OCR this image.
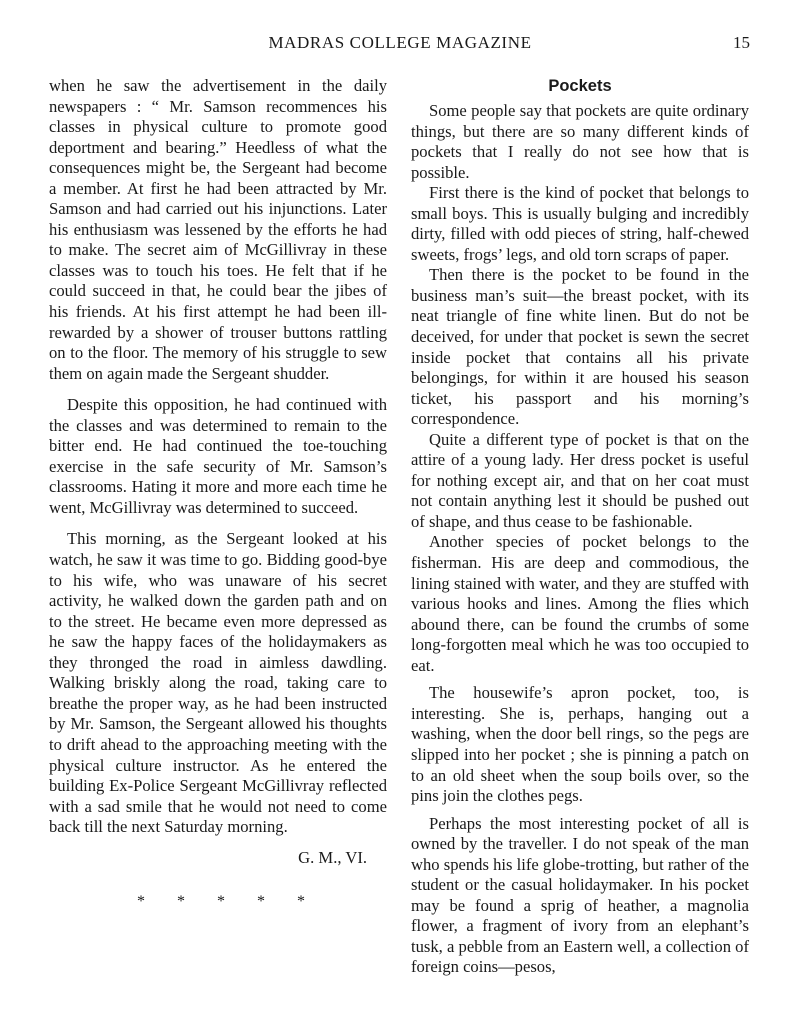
MADRAS COLLEGE MAGAZINE	15

when he saw the advertisement in the daily newspapers : “ Mr. Samson recommences his classes in physical culture to promote good deportment and bearing.” Heedless of what the consequences might be, the Sergeant had become a member. At first he had been attracted by Mr. Samson and had carried out his injunctions. Later his enthusiasm was lessened by the efforts he had to make. The secret aim of McGillivray in these classes was to touch his toes. He felt that if he could succeed in that, he could bear the jibes of his friends. At his first attempt he had been ill-rewarded by a shower of trouser buttons rattling on to the floor. The memory of his struggle to sew them on again made the Sergeant shudder.

Despite this opposition, he had continued with the classes and was determined to remain to the bitter end. He had continued the toe-touching exercise in the safe security of Mr. Samson’s classrooms. Hating it more and more each time he went, McGillivray was determined to succeed.

This morning, as the Sergeant looked at his watch, he saw it was time to go. Bidding good-bye to his wife, who was unaware of his secret activity, he walked down the garden path and on to the street. He became even more depressed as he saw the happy faces of the holidaymakers as they thronged the road in aimless dawdling. Walking briskly along the road, taking care to breathe the proper way, as he had been instructed by Mr. Samson, the Sergeant allowed his thoughts to drift ahead to the approaching meeting with the physical culture instructor. As he entered the building Ex-Police Sergeant McGillivray reflected with a sad smile that he would not need to come back till the next Saturday morning.

G. M., VI.
* * * * *
Pockets

Some people say that pockets are quite ordinary things, but there are so many different kinds of pockets that I really do not see how that is possible.

First there is the kind of pocket that belongs to small boys. This is usually bulging and incredibly dirty, filled with odd pieces of string, half-chewed sweets, frogs’ legs, and old torn scraps of paper.

Then there is the pocket to be found in the business man’s suit—the breast pocket, with its neat triangle of fine white linen. But do not be deceived, for under that pocket is sewn the secret inside pocket that contains all his private belongings, for within it are housed his season ticket, his passport and his morning’s correspondence.

Quite a different type of pocket is that on the attire of a young lady. Her dress pocket is useful for nothing except air, and that on her coat must not contain anything lest it should be pushed out of shape, and thus cease to be fashionable.

Another species of pocket belongs to the fisherman. His are deep and commodious, the lining stained with water, and they are stuffed with various hooks and lines. Among the flies which abound there, can be found the crumbs of some long-forgotten meal which he was too occupied to eat.

The housewife’s apron pocket, too, is interesting. She is, perhaps, hanging out a washing, when the door bell rings, so the pegs are slipped into her pocket ; she is pinning a patch on to an old sheet when the soup boils over, so the pins join the clothes pegs.

Perhaps the most interesting pocket of all is owned by the traveller. I do not speak of the man who spends his life globe-trotting, but rather of the student or the casual holidaymaker. In his pocket may be found a sprig of heather, a magnolia flower, a fragment of ivory from an elephant’s tusk, a pebble from an Eastern well, a collection of foreign coins—pesos,
